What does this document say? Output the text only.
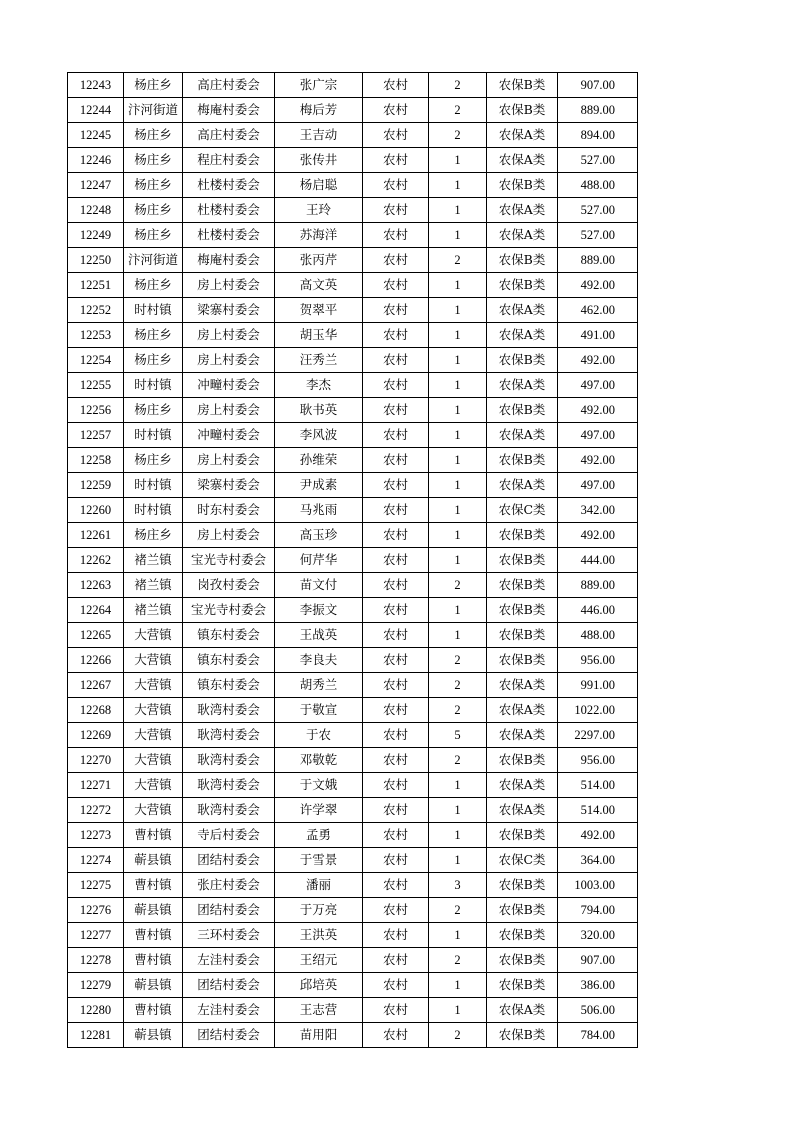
12243	杨庄乡	高庄村委会	张广宗	农村	2	农保B类	907.00
12244	汴河街道	梅庵村委会	梅后芳	农村	2	农保B类	889.00
12245	杨庄乡	高庄村委会	王吉动	农村	2	农保A类	894.00
12246	杨庄乡	程庄村委会	张传井	农村	1	农保A类	527.00
12247	杨庄乡	杜楼村委会	杨启聪	农村	1	农保B类	488.00
12248	杨庄乡	杜楼村委会	王玲	农村	1	农保A类	527.00
12249	杨庄乡	杜楼村委会	苏海洋	农村	1	农保A类	527.00
12250	汴河街道	梅庵村委会	张丙芹	农村	2	农保B类	889.00
12251	杨庄乡	房上村委会	高文英	农村	1	农保B类	492.00
12252	时村镇	梁寨村委会	贺翠平	农村	1	农保A类	462.00
12253	杨庄乡	房上村委会	胡玉华	农村	1	农保A类	491.00
12254	杨庄乡	房上村委会	汪秀兰	农村	1	农保B类	492.00
12255	时村镇	冲疃村委会	李杰	农村	1	农保A类	497.00
12256	杨庄乡	房上村委会	耿书英	农村	1	农保B类	492.00
12257	时村镇	冲疃村委会	李风波	农村	1	农保A类	497.00
12258	杨庄乡	房上村委会	孙维荣	农村	1	农保B类	492.00
12259	时村镇	梁寨村委会	尹成素	农村	1	农保A类	497.00
12260	时村镇	时东村委会	马兆雨	农村	1	农保C类	342.00
12261	杨庄乡	房上村委会	高玉珍	农村	1	农保B类	492.00
12262	褚兰镇	宝光寺村委会	何芹华	农村	1	农保B类	444.00
12263	褚兰镇	岗孜村委会	苗文付	农村	2	农保B类	889.00
12264	褚兰镇	宝光寺村委会	李振文	农村	1	农保B类	446.00
12265	大营镇	镇东村委会	王战英	农村	1	农保B类	488.00
12266	大营镇	镇东村委会	李良夫	农村	2	农保B类	956.00
12267	大营镇	镇东村委会	胡秀兰	农村	2	农保A类	991.00
12268	大营镇	耿湾村委会	于敬宣	农村	2	农保A类	1022.00
12269	大营镇	耿湾村委会	于农	农村	5	农保A类	2297.00
12270	大营镇	耿湾村委会	邓敬乾	农村	2	农保B类	956.00
12271	大营镇	耿湾村委会	于文娥	农村	1	农保A类	514.00
12272	大营镇	耿湾村委会	许学翠	农村	1	农保A类	514.00
12273	曹村镇	寺后村委会	孟勇	农村	1	农保B类	492.00
12274	蕲县镇	团结村委会	于雪景	农村	1	农保C类	364.00
12275	曹村镇	张庄村委会	潘丽	农村	3	农保B类	1003.00
12276	蕲县镇	团结村委会	于万亮	农村	2	农保B类	794.00
12277	曹村镇	三环村委会	王洪英	农村	1	农保B类	320.00
12278	曹村镇	左洼村委会	王绍元	农村	2	农保B类	907.00
12279	蕲县镇	团结村委会	邱培英	农村	1	农保B类	386.00
12280	曹村镇	左洼村委会	王志营	农村	1	农保A类	506.00
12281	蕲县镇	团结村委会	苗用阳	农村	2	农保B类	784.00
